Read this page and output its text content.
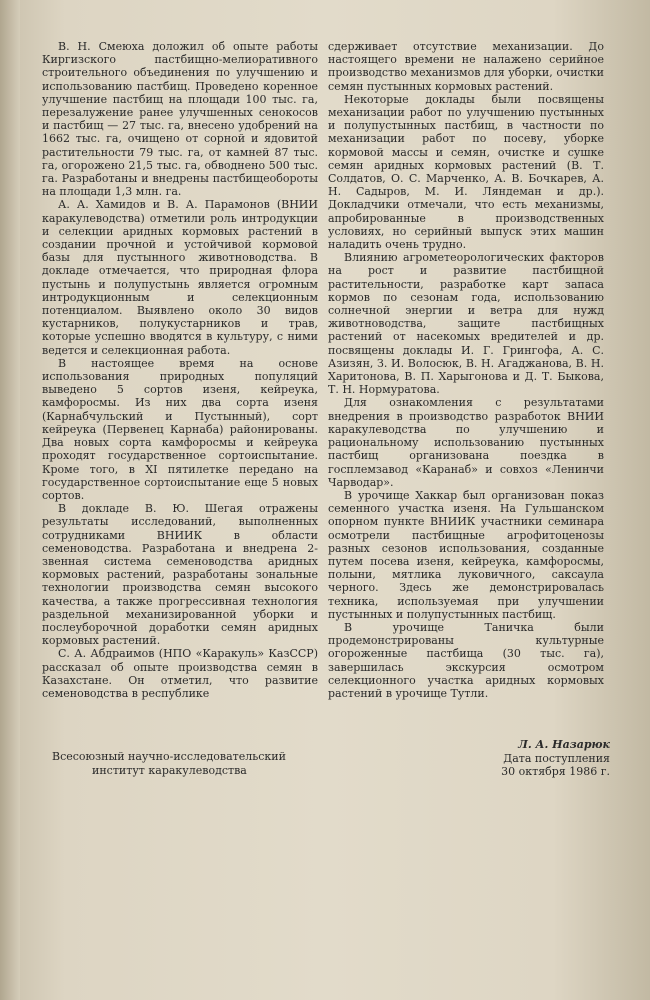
В. Н. Смеюха доложил об опыте работы Киргизского пастбищно-мелиоративного строительного объединения по улучшению и использованию пастбищ. Проведено коренное улучшение пастбищ на площади 100 тыс. га, перезалужение ранее улучшенных сенокосов и пастбищ — 27 тыс. га, внесено удобрений на 1662 тыс. га, очищено от сорной и ядовитой растительности 79 тыс. га, от камней 87 тыс. га, огорожено 21,5 тыс. га, обводнено 500 тыс. га. Разработаны и внедрены пастбищеобороты на площади 1,3 млн. га.

А. А. Хамидов и В. А. Парамонов (ВНИИ каракулеводства) отметили роль интродукции и селекции аридных кормовых растений в создании прочной и устойчивой кормовой базы для пустынного животноводства. В докладе отмечается, что природная флора пустынь и полупустынь является огромным интродукционным и селекционным потенциалом. Выявлено около 30 видов кустарников, полукустарников и трав, которые успешно вводятся в культуру, с ними ведется и селекционная работа.

В настоящее время на основе использования природных популяций выведено 5 сортов изеня, кейреука, камфоросмы. Из них два сорта изеня (Карнабчульский и Пустынный), сорт кейреука (Первенец Карнаба) районированы. Два новых сорта камфоросмы и кейреука проходят государственное сортоиспытание. Кроме того, в XI пятилетке передано на государственное сортоиспытание еще 5 новых сортов.

В докладе В. Ю. Шегая отражены результаты исследований, выполненных сотрудниками ВНИИК в области семеноводства. Разработана и внедрена 2-звенная система семеноводства аридных кормовых растений, разработаны зональные технологии производства семян высокого качества, а также прогрессивная технология раздельной механизированной уборки и послеуборочной доработки семян аридных кормовых растений.

С. А. Абдраимов (НПО «Каракуль» КазССР) рассказал об опыте производства семян в Казахстане. Он отметил, что развитие семеноводства в республике

сдерживает отсутствие механизации. До настоящего времени не налажено серийное производство механизмов для уборки, очистки семян пустынных кормовых растений.

Некоторые доклады были посвящены механизации работ по улучшению пустынных и полупустынных пастбищ, в частности по механизации работ по посеву, уборке кормовой массы и семян, очистке и сушке семян аридных кормовых растений (В. Т. Солдатов, О. С. Марченко, А. В. Бочкарев, А. Н. Садыров, М. И. Ляндеман и др.). Докладчики отмечали, что есть механизмы, апробированные в производственных условиях, но серийный выпуск этих машин наладить очень трудно.

Влиянию агрометеорологических факторов на рост и развитие пастбищной растительности, разработке карт запаса кормов по сезонам года, использованию солнечной энергии и ветра для нужд животноводства, защите пастбищных растений от насекомых вредителей и др. посвящены доклады И. Г. Грингофа, А. С. Азизян, З. И. Волосюк, В. Н. Агаджанова, В. Н. Харитонова, В. П. Харыгонова и Д. Т. Быкова, Т. Н. Нормуратова.

Для ознакомления с результатами внедрения в производство разработок ВНИИ каракулеводства по улучшению и рациональному использованию пустынных пастбищ организована поездка в госплемзавод «Каранаб» и совхоз «Ленинчи Чарводар».

В урочище Хаккар был организован показ семенного участка изеня. На Гульшанском опорном пункте ВНИИК участники семинара осмотрели пастбищные агрофитоценозы разных сезонов использования, созданные путем посева изеня, кейреука, камфоросмы, полыни, мятлика луковичного, саксаула черного. Здесь же демонстрировалась техника, используемая при улучшении пустынных и полупустынных пастбищ.

В урочище Таничка были продемонстрированы культурные огороженные пастбища (30 тыс. га), завершилась экскурсия осмотром селекционного участка аридных кормовых растений в урочище Тутли.

Всесоюзный научно-исследовательский

институт каракулеводства

Л. А. Назарюк

Дата поступления

30 октября 1986 г.
